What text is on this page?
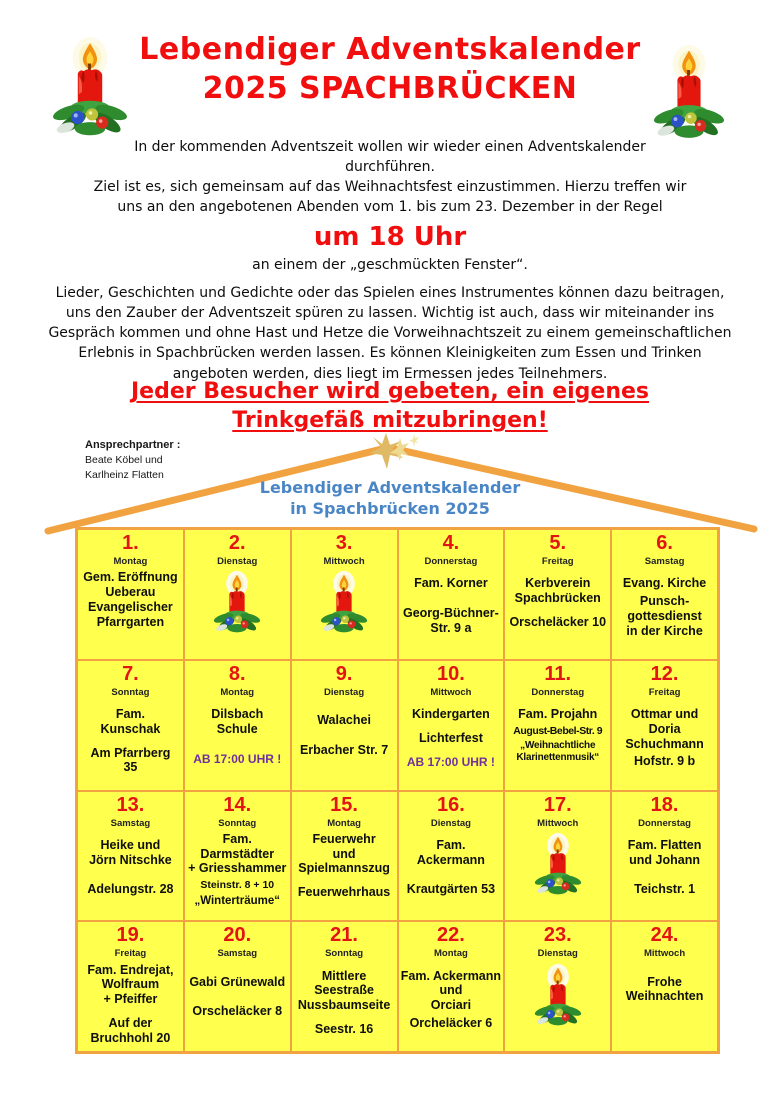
Lebendiger Adventskalender
2025 SPACHBRÜCKEN
In der kommenden Adventszeit wollen wir wieder einen Adventskalender
durchführen.
Ziel ist es, sich gemeinsam auf das Weihnachtsfest einzustimmen. Hierzu treffen wir
uns an den angebotenen Abenden vom 1. bis zum 23. Dezember in der Regel
um 18 Uhr
an einem der „geschmückten Fenster“.
Lieder, Geschichten und Gedichte oder das Spielen eines Instrumentes können dazu beitragen,
uns den Zauber der Adventszeit spüren zu lassen. Wichtig ist auch, dass wir miteinander ins
Gespräch kommen und ohne Hast und Hetze die Vorweihnachtszeit zu einem gemeinschaftlichen
Erlebnis in Spachbrücken werden lassen. Es können Kleinigkeiten zum Essen und Trinken
angeboten werden, dies liegt im Ermessen jedes Teilnehmers.
Jeder Besucher wird gebeten, ein eigenes
Trinkgefäß mitzubringen!
Ansprechpartner :
Beate Köbel und
Karlheinz Flatten
Lebendiger Adventskalender
in Spachbrücken 2025
1.
Montag
Gem. Eröffnung
Ueberau
Evangelischer
Pfarrgarten
2.
Dienstag
3.
Mittwoch
4.
Donnerstag
Fam. Korner
Georg-Büchner-
Str. 9 a
5.
Freitag
Kerbverein
Spachbrücken
Orscheläcker 10
6.
Samstag
Evang. Kirche
Punsch-
gottesdienst
in der Kirche
7.
Sonntag
Fam.
Kunschak
Am Pfarrberg
35
8.
Montag
Dilsbach
Schule
AB 17:00 UHR !
9.
Dienstag
Walachei
Erbacher Str. 7
10.
Mittwoch
Kindergarten
Lichterfest
AB 17:00 UHR !
11.
Donnerstag
Fam. Projahn
August-Bebel-Str. 9
„Weihnachtliche
Klarinettenmusik“
12.
Freitag
Ottmar und
Doria
Schuchmann
Hofstr. 9 b
13.
Samstag
Heike und
Jörn Nitschke
Adelungstr. 28
14.
Sonntag
Fam.
Darmstädter
+ Griesshammer
Steinstr. 8 + 10
„Winterträume“
15.
Montag
Feuerwehr
und
Spielmannszug
Feuerwehrhaus
16.
Dienstag
Fam.
Ackermann
Krautgärten 53
17.
Mittwoch
18.
Donnerstag
Fam. Flatten
und Johann
Teichstr. 1
19.
Freitag
Fam. Endrejat,
Wolfraum
+ Pfeiffer
Auf der
Bruchhohl 20
20.
Samstag
Gabi Grünewald
Orscheläcker 8
21.
Sonntag
Mittlere
Seestraße
Nussbaumseite
Seestr. 16
22.
Montag
Fam. Ackermann
und
Orciari
Orcheläcker 6
23.
Dienstag
24.
Mittwoch
Frohe
Weihnachten
